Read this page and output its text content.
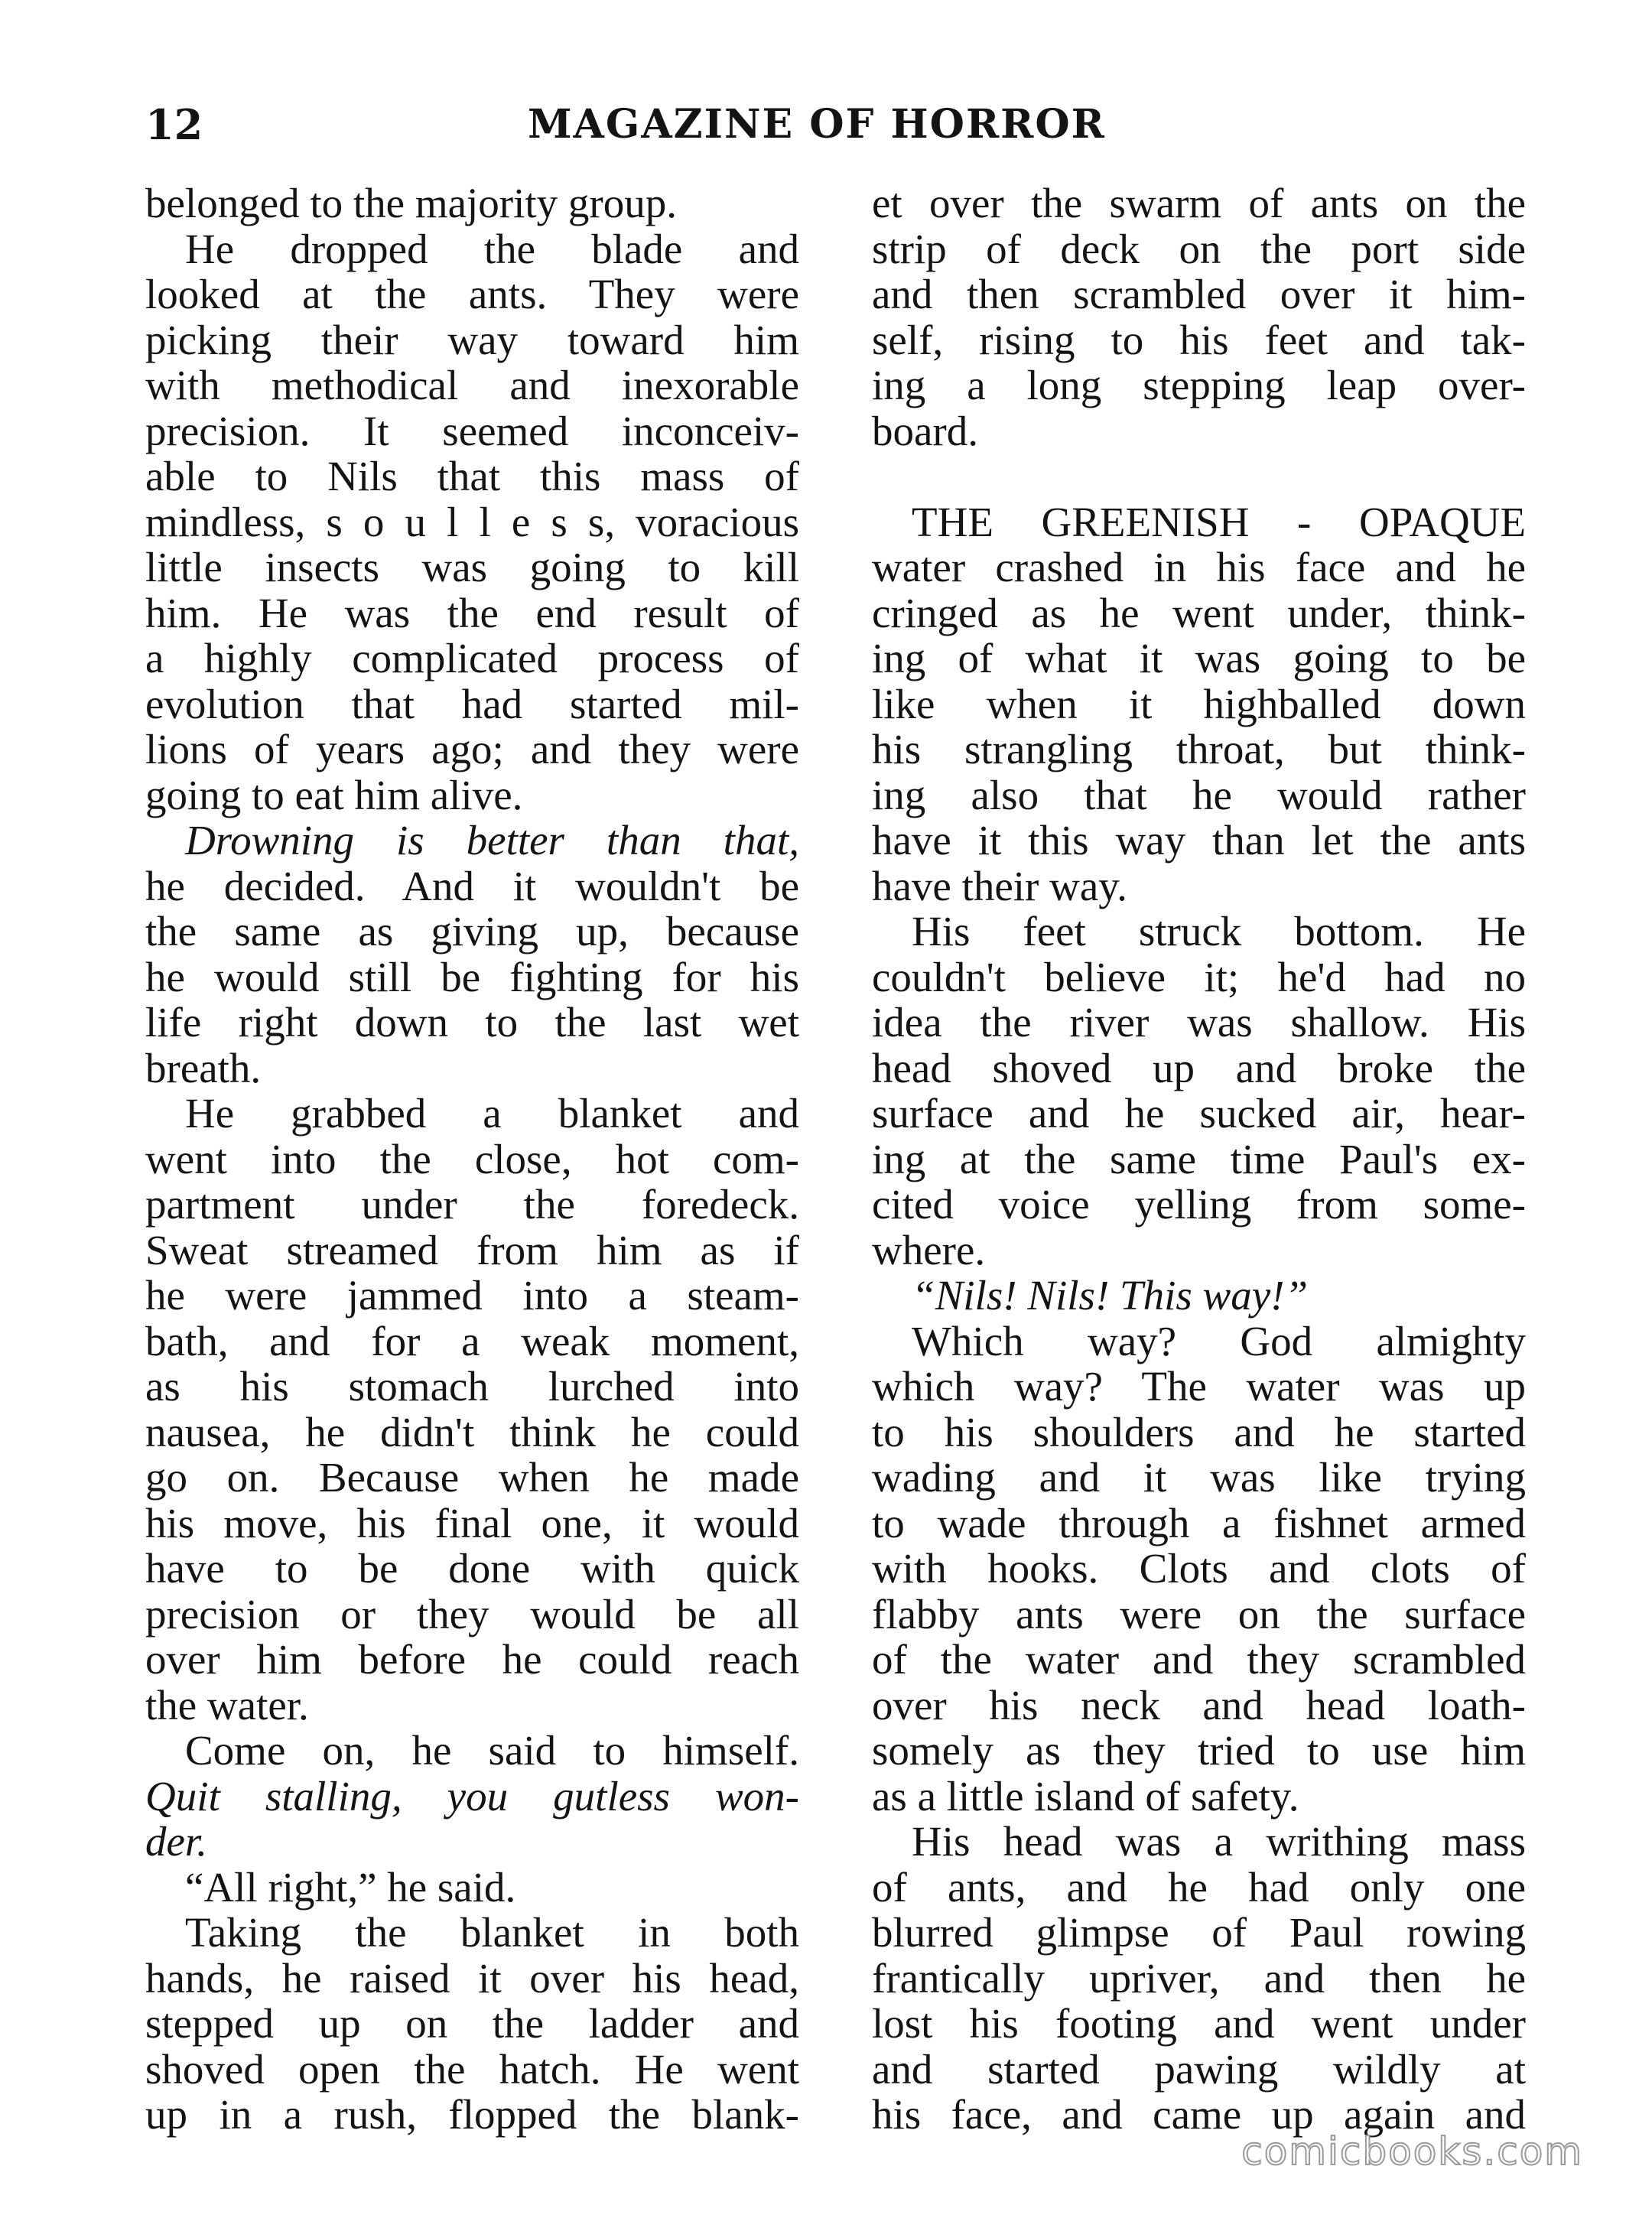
12	MAGAZINE OF HORROR
belonged to the majority group.
He dropped the blade and
looked at the ants. They were
picking their way toward him
with methodical and inexorable
precision. It seemed inconceiv-
able to Nils that this mass of
mindless, s o u l l e s s, voracious
little insects was going to kill
him. He was the end result of
a highly complicated process of
evolution that had started mil-
lions of years ago; and they were
going to eat him alive.
Drowning is better than that,
he decided. And it wouldn't be
the same as giving up, because
he would still be fighting for his
life right down to the last wet
breath.
He grabbed a blanket and
went into the close, hot com-
partment under the foredeck.
Sweat streamed from him as if
he were jammed into a steam-
bath, and for a weak moment,
as his stomach lurched into
nausea, he didn't think he could
go on. Because when he made
his move, his final one, it would
have to be done with quick
precision or they would be all
over him before he could reach
the water.
Come on, he said to himself.
Quit stalling, you gutless won-
der.
“All right,” he said.
Taking the blanket in both
hands, he raised it over his head,
stepped up on the ladder and
shoved open the hatch. He went
up in a rush, flopped the blank-
et over the swarm of ants on the
strip of deck on the port side
and then scrambled over it him-
self, rising to his feet and tak-
ing a long stepping leap over-
board.
THE GREENISH - OPAQUE
water crashed in his face and he
cringed as he went under, think-
ing of what it was going to be
like when it highballed down
his strangling throat, but think-
ing also that he would rather
have it this way than let the ants
have their way.
His feet struck bottom. He
couldn't believe it; he'd had no
idea the river was shallow. His
head shoved up and broke the
surface and he sucked air, hear-
ing at the same time Paul's ex-
cited voice yelling from some-
where.
“Nils! Nils! This way!”
Which way? God almighty
which way? The water was up
to his shoulders and he started
wading and it was like trying
to wade through a fishnet armed
with hooks. Clots and clots of
flabby ants were on the surface
of the water and they scrambled
over his neck and head loath-
somely as they tried to use him
as a little island of safety.
His head was a writhing mass
of ants, and he had only one
blurred glimpse of Paul rowing
frantically upriver, and then he
lost his footing and went under
and started pawing wildly at
his face, and came up again and
comicbooks.com
